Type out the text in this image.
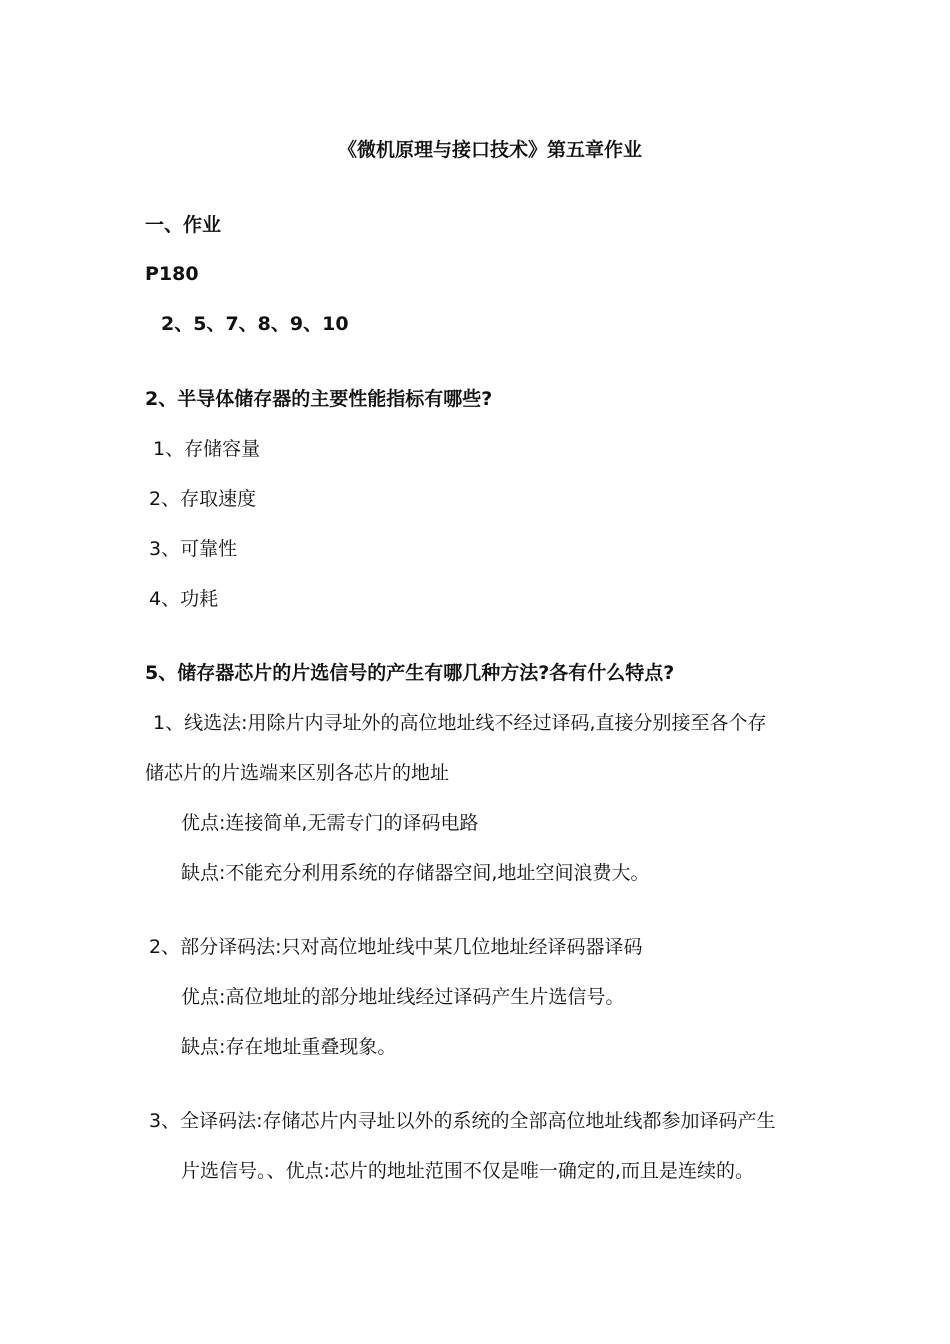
《微机原理与接口技术》第五章作业
一、作业
P180
2、5、7、8、9、10
2、半导体储存器的主要性能指标有哪些?
1、存储容量
2、存取速度
3、可靠性
4、功耗
5、储存器芯片的片选信号的产生有哪几种方法?各有什么特点?
1、线选法:用除片内寻址外的高位地址线不经过译码,直接分别接至各个存
储芯片的片选端来区别各芯片的地址
优点:连接简单,无需专门的译码电路
缺点:不能充分利用系统的存储器空间,地址空间浪费大。
2、部分译码法:只对高位地址线中某几位地址经译码器译码
优点:高位地址的部分地址线经过译码产生片选信号。
缺点:存在地址重叠现象。
3、全译码法:存储芯片内寻址以外的系统的全部高位地址线都参加译码产生
片选信号。、优点:芯片的地址范围不仅是唯一确定的,而且是连续的。
